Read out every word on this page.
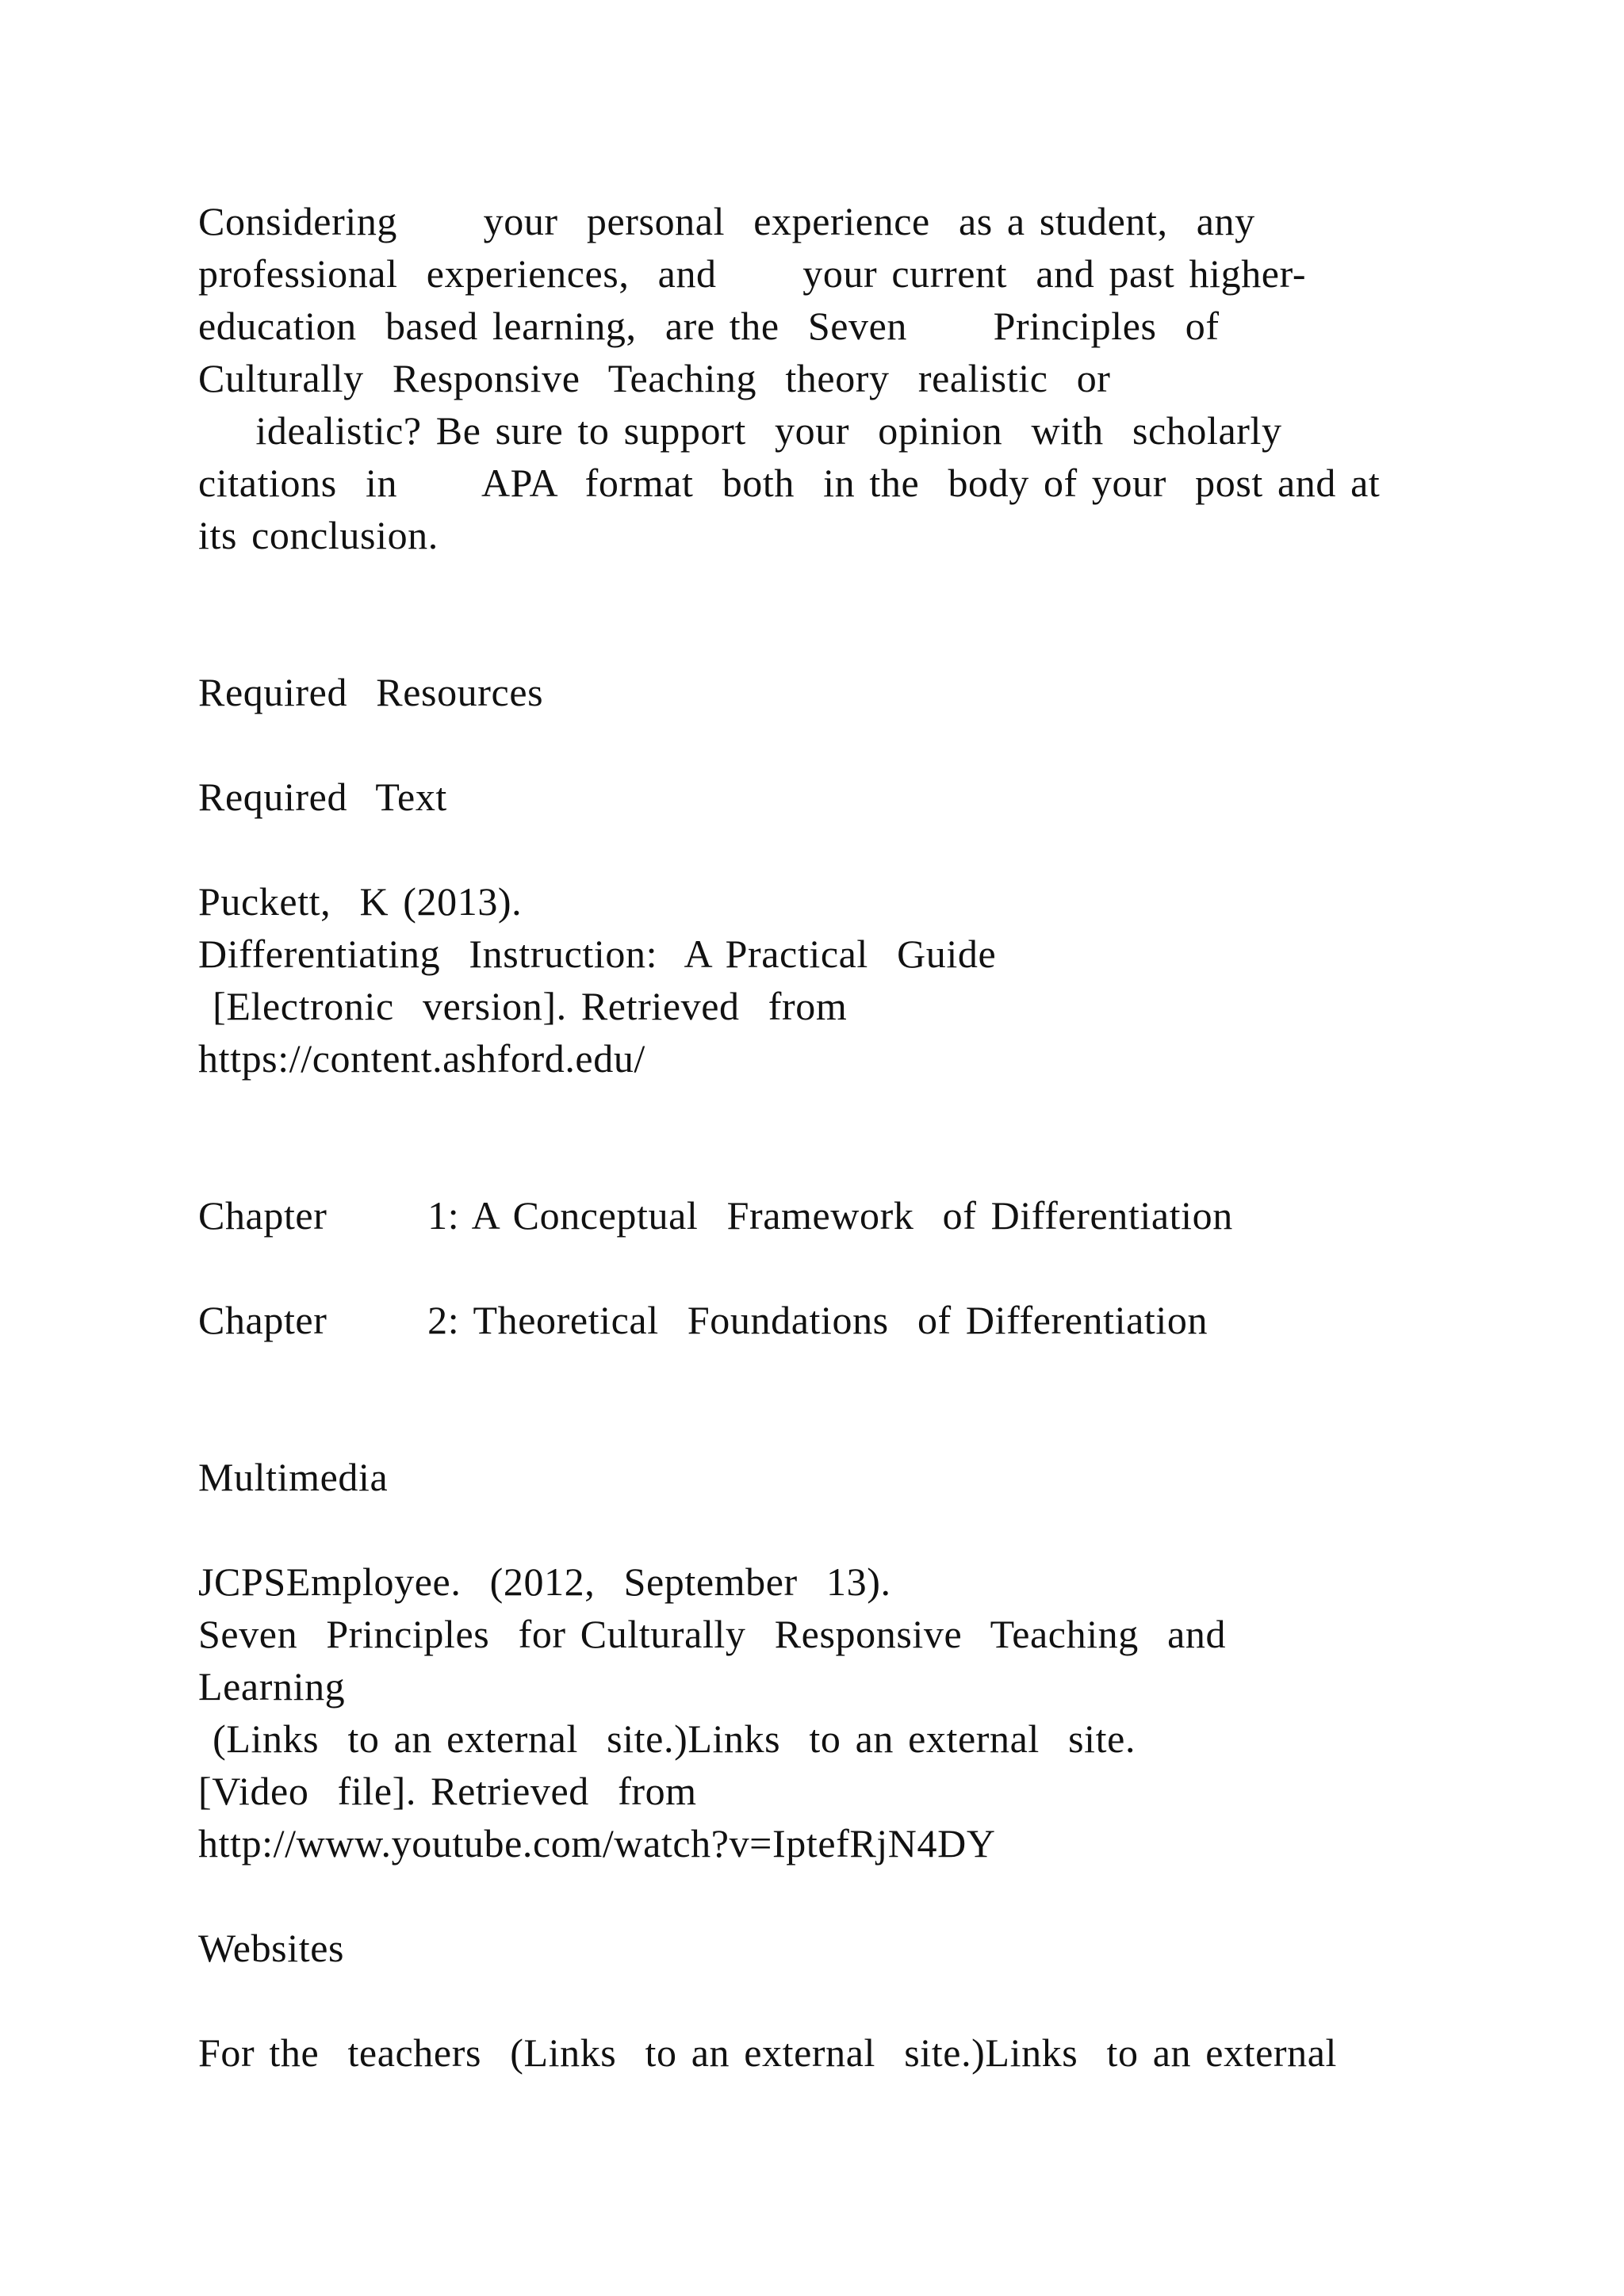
Considering      your  personal  experience  as a student,  any
professional  experiences,  and      your current  and past higher-
education  based learning,  are the  Seven      Principles  of
Culturally  Responsive  Teaching  theory  realistic  or
idealistic? Be sure to support  your  opinion  with  scholarly
citations  in      APA  format  both  in the  body of your  post and at
its conclusion.
Required  Resources
Required  Text
Puckett,  K (2013).
Differentiating  Instruction:  A Practical  Guide
[Electronic  version]. Retrieved  from
https://content.ashford.edu/
Chapter       1: A Conceptual  Framework  of Differentiation
Chapter       2: Theoretical  Foundations  of Differentiation
Multimedia
JCPSEmployee.  (2012,  September  13).
Seven  Principles  for Culturally  Responsive  Teaching  and
Learning
(Links  to an external  site.)Links  to an external  site.
[Video  file]. Retrieved  from
http://www.youtube.com/watch?v=IptefRjN4DY
Websites
For the  teachers  (Links  to an external  site.)Links  to an external
